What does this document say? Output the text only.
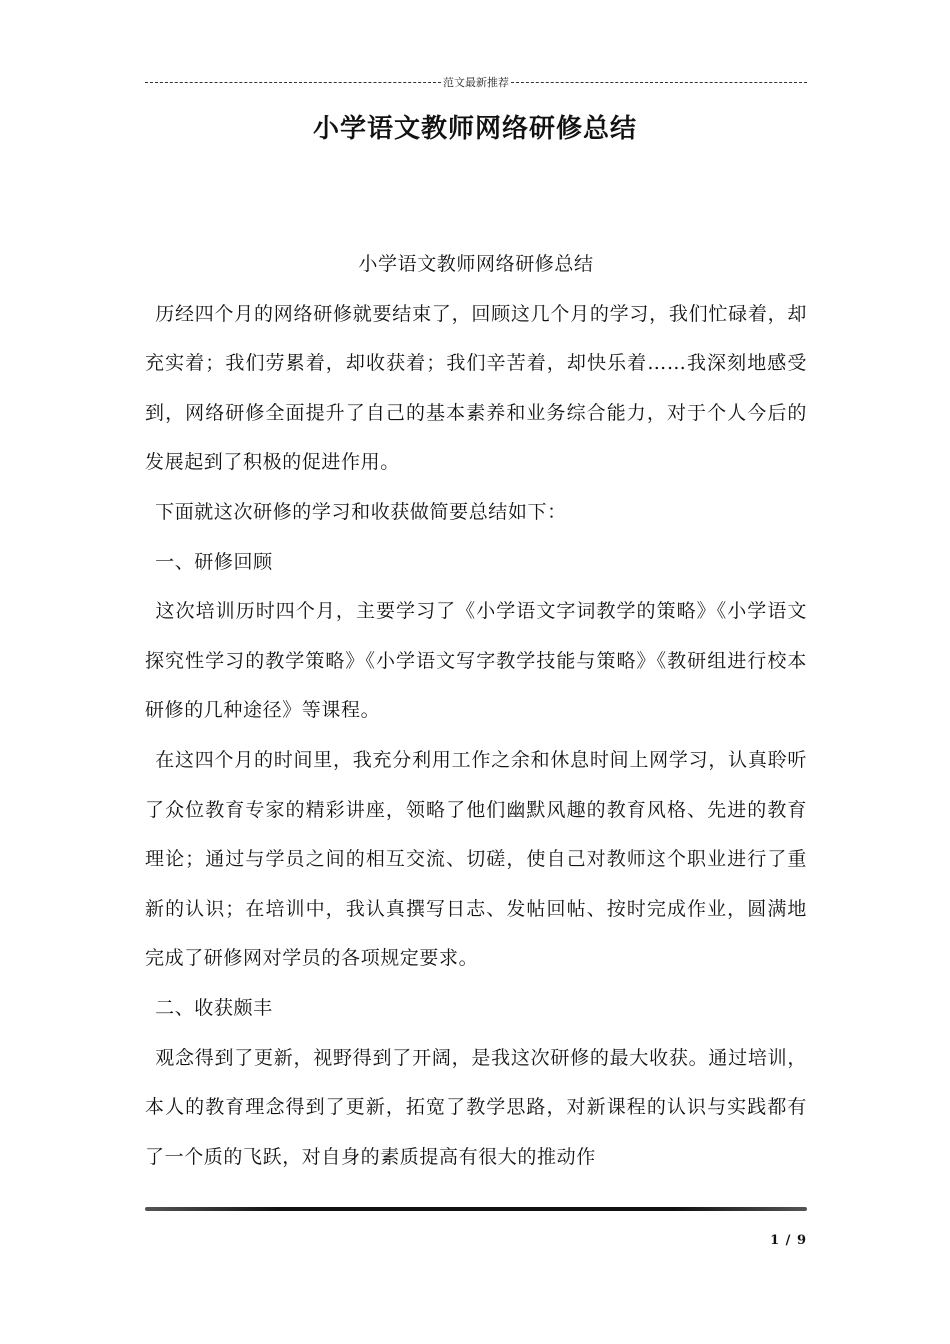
范文最新推荐
小学语文教师网络研修总结

小学语文教师网络研修总结

 历经四个月的网络研修就要结束了，回顾这几个月的学习，我们忙碌着，却充实着；我们劳累着，却收获着；我们辛苦着，却快乐着……我深刻地感受到，网络研修全面提升了自己的基本素养和业务综合能力，对于个人今后的发展起到了积极的促进作用。

 下面就这次研修的学习和收获做简要总结如下：

 一、研修回顾

 这次培训历时四个月，主要学习了《小学语文字词教学的策略》《小学语文探究性学习的教学策略》《小学语文写字教学技能与策略》《教研组进行校本研修的几种途径》等课程。

 在这四个月的时间里，我充分利用工作之余和休息时间上网学习，认真聆听了众位教育专家的精彩讲座，领略了他们幽默风趣的教育风格、先进的教育理论；通过与学员之间的相互交流、切磋，使自己对教师这个职业进行了重新的认识；在培训中，我认真撰写日志、发帖回帖、按时完成作业，圆满地完成了研修网对学员的各项规定要求。

 二、收获颇丰

 观念得到了更新，视野得到了开阔，是我这次研修的最大收获。通过培训，本人的教育理念得到了更新，拓宽了教学思路，对新课程的认识与实践都有了一个质的飞跃，对自身的素质提高有很大的推动作

1 / 9
